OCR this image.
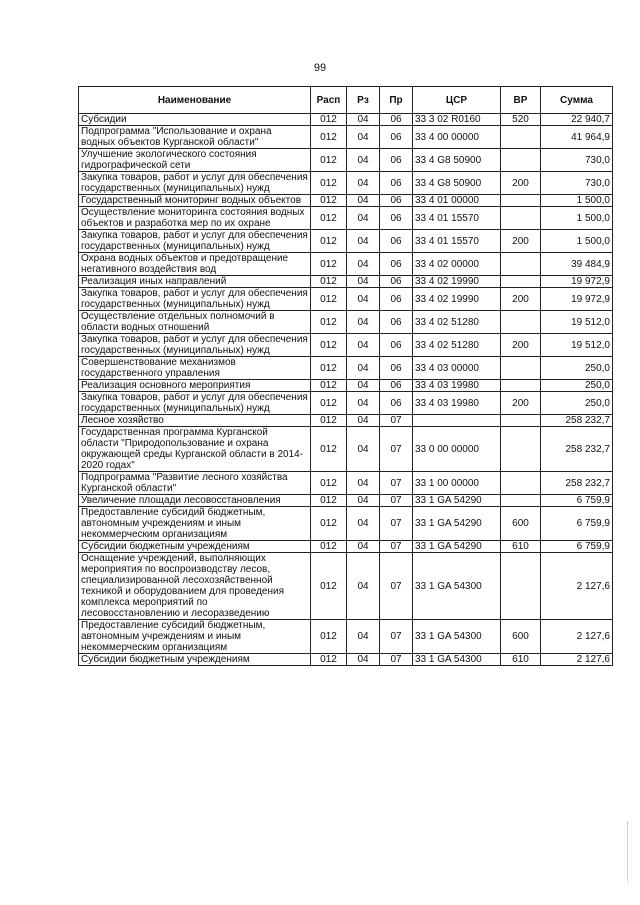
99
Наименование	Расп	Рз	Пр	ЦСР	ВР	Сумма
Субсидии	012	04	06	33 3 02 R0160	520	22 940,7
Подпрограмма "Использование и охрана водных объектов Курганской области"	012	04	06	33 4 00 00000		41 964,9
Улучшение экологического состояния гидрографической сети	012	04	06	33 4 G8 50900		730,0
Закупка товаров, работ и услуг для обеспечения государственных (муниципальных) нужд	012	04	06	33 4 G8 50900	200	730,0
Государственный мониторинг водных объектов	012	04	06	33 4 01 00000		1 500,0
Осуществление мониторинга состояния водных объектов и разработка мер по их охране	012	04	06	33 4 01 15570		1 500,0
Закупка товаров, работ и услуг для обеспечения государственных (муниципальных) нужд	012	04	06	33 4 01 15570	200	1 500,0
Охрана водных объектов и предотвращение негативного воздействия вод	012	04	06	33 4 02 00000		39 484,9
Реализация иных направлений	012	04	06	33 4 02 19990		19 972,9
Закупка товаров, работ и услуг для обеспечения государственных (муниципальных) нужд	012	04	06	33 4 02 19990	200	19 972,9
Осуществление отдельных полномочий в области водных отношений	012	04	06	33 4 02 51280		19 512,0
Закупка товаров, работ и услуг для обеспечения государственных (муниципальных) нужд	012	04	06	33 4 02 51280	200	19 512,0
Совершенствование механизмов государственного управления	012	04	06	33 4 03 00000		250,0
Реализация основного мероприятия	012	04	06	33 4 03 19980		250,0
Закупка товаров, работ и услуг для обеспечения государственных (муниципальных) нужд	012	04	06	33 4 03 19980	200	250,0
Лесное хозяйство	012	04	07			258 232,7
Государственная программа Курганской области "Природопользование и охрана окружающей среды Курганской области в 2014-2020 годах"	012	04	07	33 0 00 00000		258 232,7
Подпрограмма "Развитие лесного хозяйства Курганской области"	012	04	07	33 1 00 00000		258 232,7
Увеличение площади лесовосстановления	012	04	07	33 1 GA 54290		6 759,9
Предоставление субсидий бюджетным, автономным учреждениям и иным некоммерческим организациям	012	04	07	33 1 GA 54290	600	6 759,9
Субсидии бюджетным учреждениям	012	04	07	33 1 GA 54290	610	6 759,9
Оснащение учреждений, выполняющих мероприятия по воспроизводству лесов, специализированной лесохозяйственной техникой и оборудованием для проведения комплекса мероприятий по лесовосстановлению и лесоразведению	012	04	07	33 1 GA 54300		2 127,6
Предоставление субсидий бюджетным, автономным учреждениям и иным некоммерческим организациям	012	04	07	33 1 GA 54300	600	2 127,6
Субсидии бюджетным учреждениям	012	04	07	33 1 GA 54300	610	2 127,6
